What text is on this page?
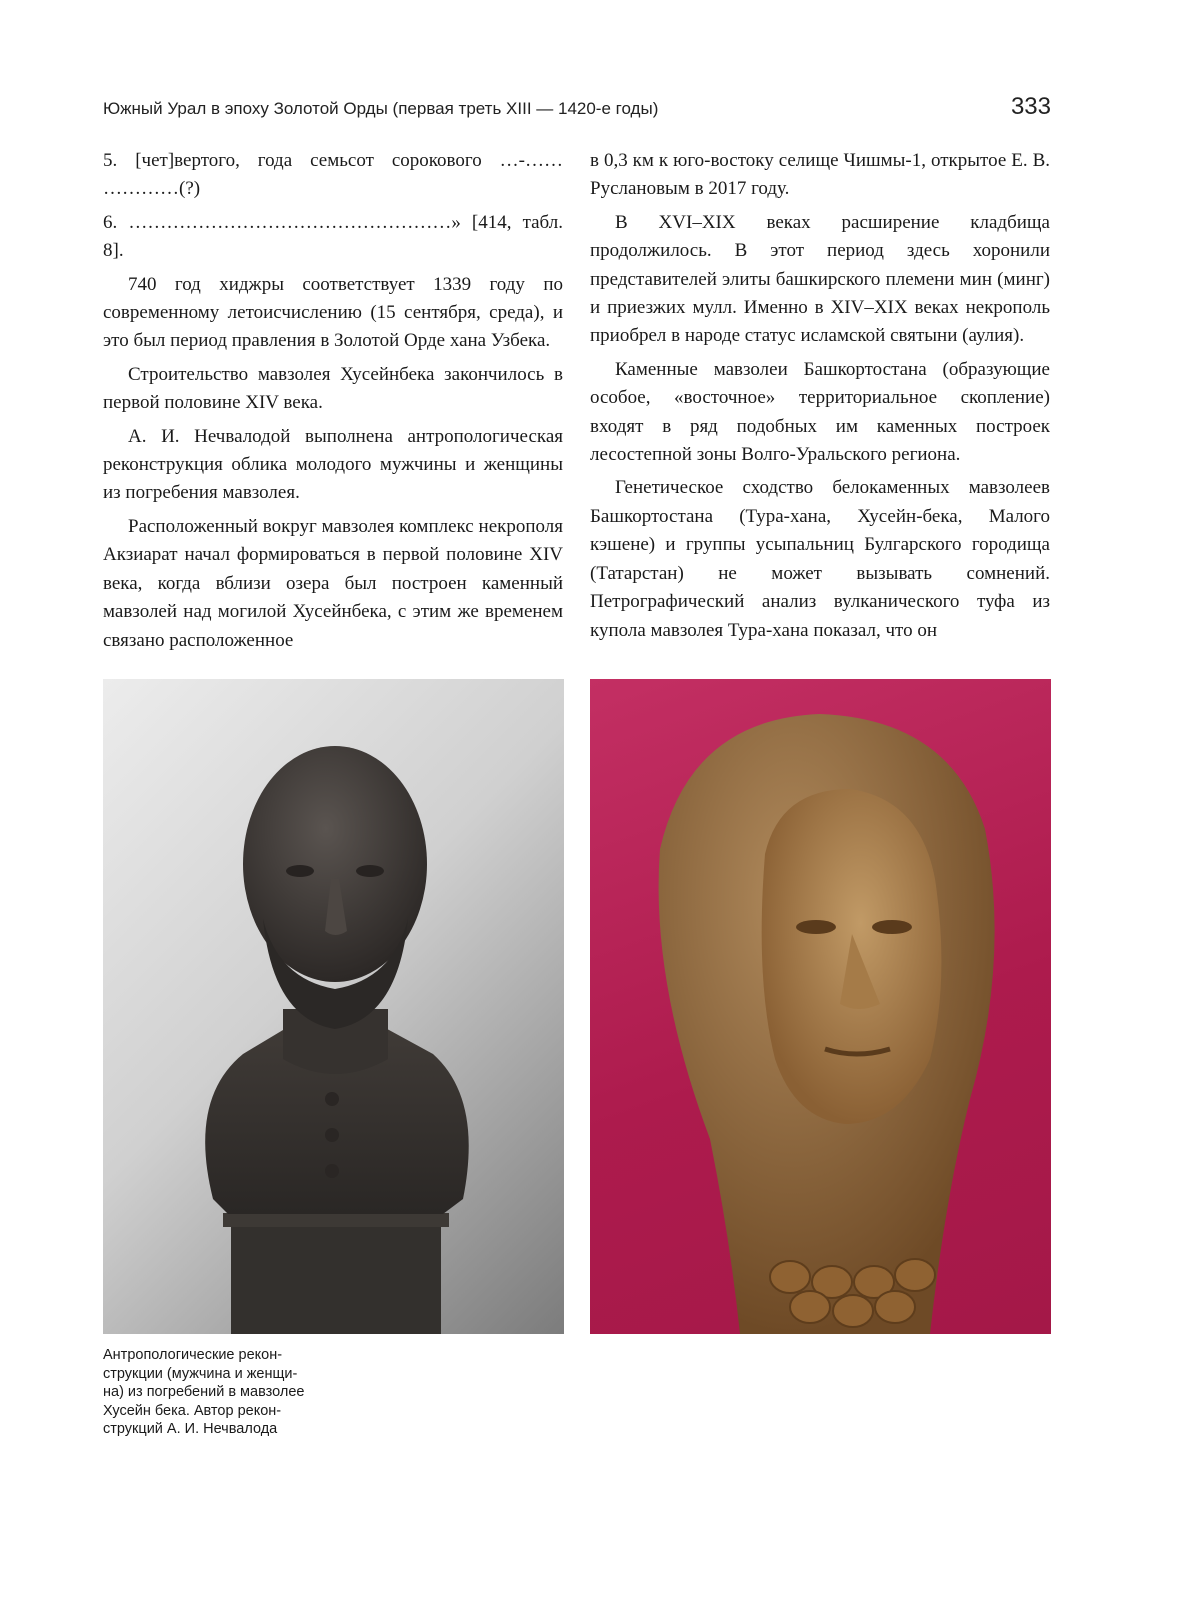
Южный Урал в эпоху Золотой Орды (первая треть XIII — 1420-е годы)	333

5. [чет]вертого, года семьсот сорокового …-…… …………(?)

6. ……………………………………………» [414, табл. 8].

740 год хиджры соответствует 1339 году по современному летоисчислению (15 сентября, среда), и это был период правления в Золотой Орде хана Узбека.

Строительство мавзолея Хусейнбека закончилось в первой половине XIV века.

А. И. Нечвалодой выполнена антропологическая реконструкция облика молодого мужчины и женщины из погребения мавзолея.

Расположенный вокруг мавзолея комплекс некрополя Акзиарат начал формироваться в первой половине XIV века, когда вблизи озера был построен каменный мавзолей над могилой Хусейнбека, с этим же временем связано расположенное

в 0,3 км к юго-востоку селище Чишмы-1, открытое Е. В. Руслановым в 2017 году.

В XVI–XIX веках расширение кладбища продолжилось. В этот период здесь хоронили представителей элиты башкирского племени мин (минг) и приезжих мулл. Именно в XIV–XIX веках некрополь приобрел в народе статус исламской святыни (аулия).

Каменные мавзолеи Башкортостана (образующие особое, «восточное» территориальное скопление) входят в ряд подобных им каменных построек лесостепной зоны Волго-Уральского региона.

Генетическое сходство белокаменных мавзолеев Башкортостана (Тура-хана, Хусейн-бека, Малого кэшене) и группы усыпальниц Булгарского городища (Татарстан) не может вызывать сомнений. Петрографический анализ вулканического туфа из купола мавзолея Тура-хана показал, что он

Антропологические рекон-
струкции (мужчина и женщи-
на) из погребений в мавзолее
Хусейн бека. Автор рекон-
струкций А. И. Нечвалода
